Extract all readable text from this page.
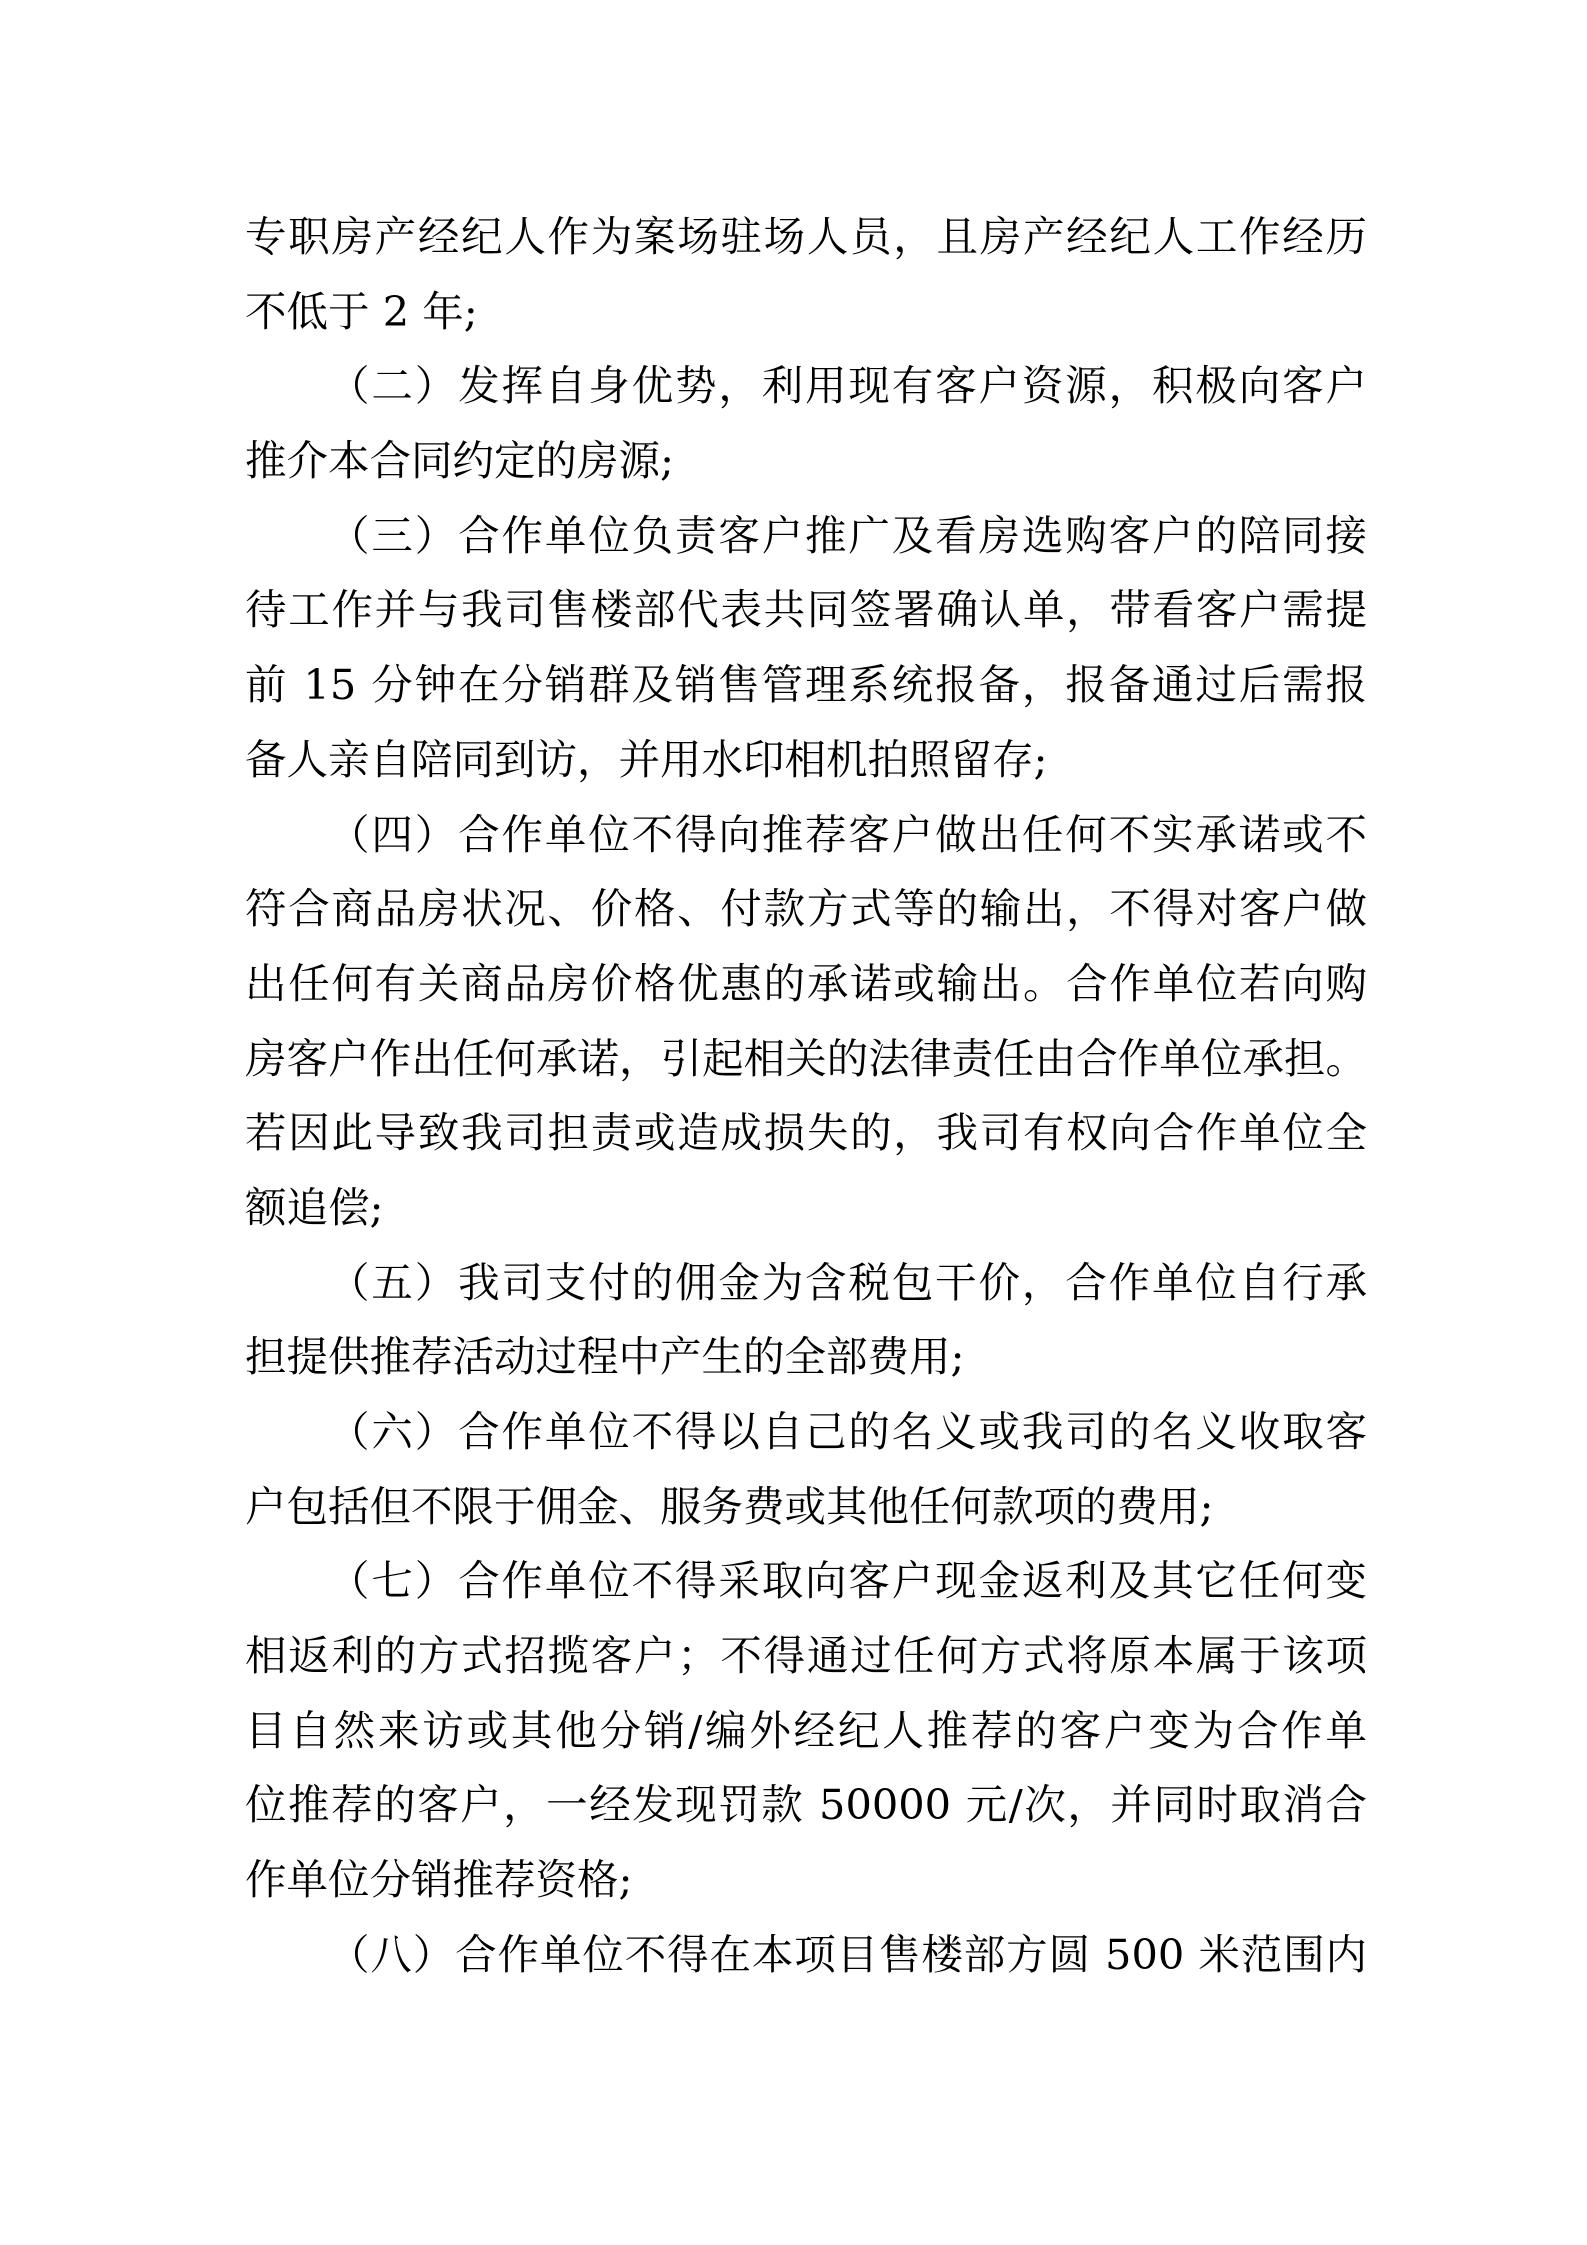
专职房产经纪人作为案场驻场人员，且房产经纪人工作经历
不低于 2 年;
（二）发挥自身优势，利用现有客户资源，积极向客户
推介本合同约定的房源;
（三）合作单位负责客户推广及看房选购客户的陪同接
待工作并与我司售楼部代表共同签署确认单，带看客户需提
前 15 分钟在分销群及销售管理系统报备，报备通过后需报
备人亲自陪同到访，并用水印相机拍照留存;
（四）合作单位不得向推荐客户做出任何不实承诺或不
符合商品房状况、价格、付款方式等的输出，不得对客户做
出任何有关商品房价格优惠的承诺或输出。合作单位若向购
房客户作出任何承诺，引起相关的法律责任由合作单位承担。
若因此导致我司担责或造成损失的，我司有权向合作单位全
额追偿;
（五）我司支付的佣金为含税包干价，合作单位自行承
担提供推荐活动过程中产生的全部费用;
（六）合作单位不得以自己的名义或我司的名义收取客
户包括但不限于佣金、服务费或其他任何款项的费用;
（七）合作单位不得采取向客户现金返利及其它任何变
相返利的方式招揽客户；不得通过任何方式将原本属于该项
目自然来访或其他分销/编外经纪人推荐的客户变为合作单
位推荐的客户，一经发现罚款 50000 元/次，并同时取消合
作单位分销推荐资格;
（八）合作单位不得在本项目售楼部方圆 500 米范围内
